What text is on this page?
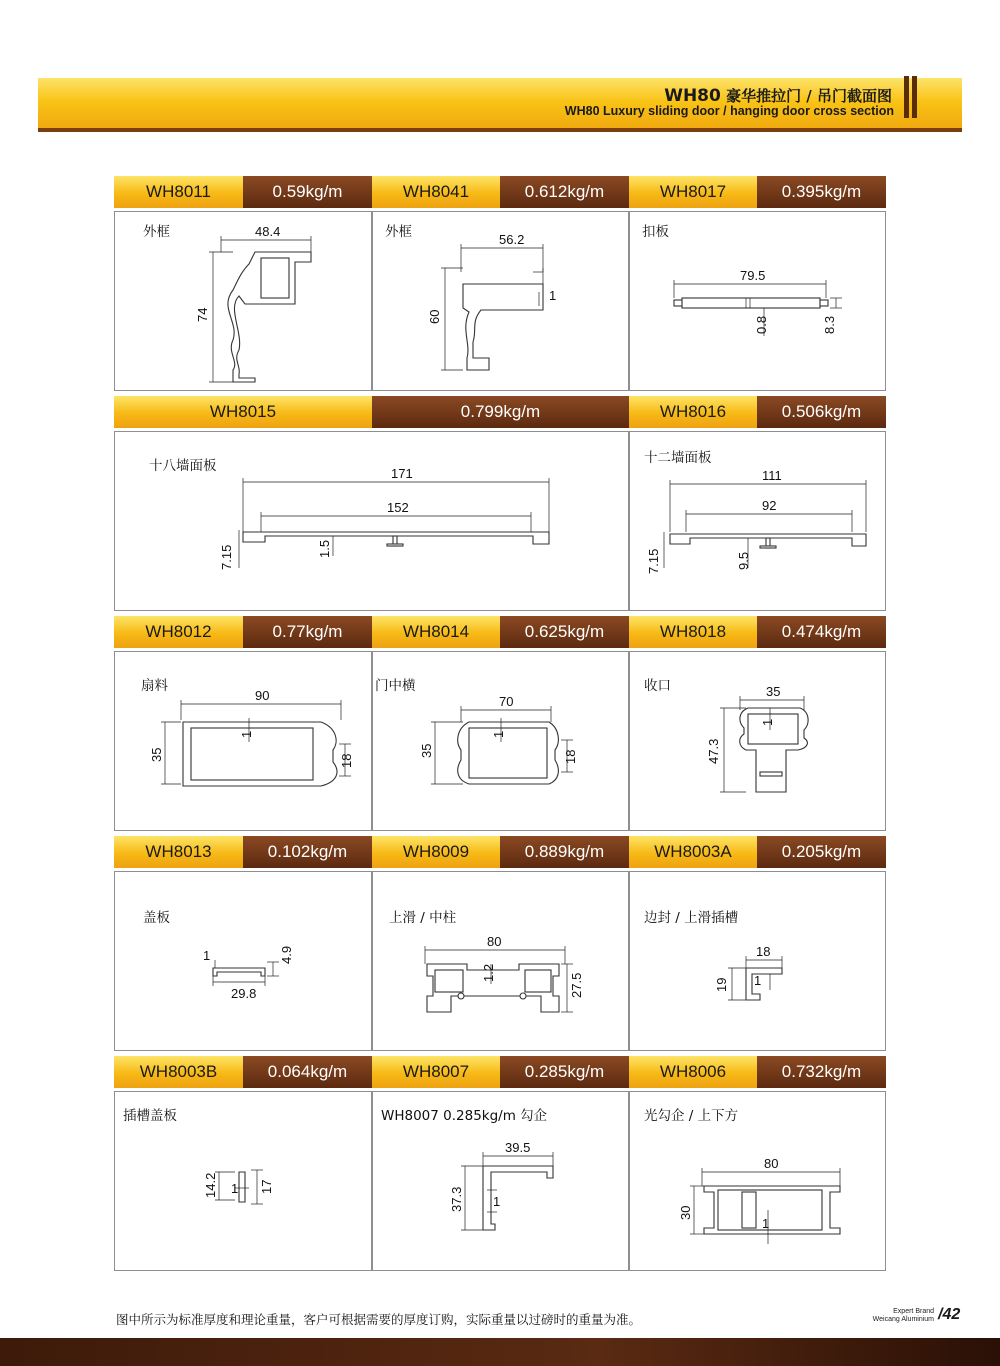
WH80 豪华推拉门 / 吊门截面图
WH80 Luxury sliding door / hanging door cross section
WH8011	0.59kg/m	WH8041	0.612kg/m	WH8017	0.395kg/m
外框	48.4
74
外框	56.2
60
1
扣板
79.5
0.8	8.3
WH8015	0.799kg/m	WH8016	0.506kg/m
十八墙面板	171
152
7.15	1.5
十二墙面板
111
92
7.15	9.5
WH8012	0.77kg/m	WH8014	0.625kg/m	WH8018	0.474kg/m
扇料
90
35
1
18
门中横
70
35
1
18
收口	35
47.3
1
WH8013	0.102kg/m	WH8009	0.889kg/m	WH8003A	0.205kg/m
盖板
1	4.9
29.8
上滑 / 中柱
80
1.2	27.5
边封 / 上滑插槽
18
19 1
WH8003B	0.064kg/m	WH8007	0.285kg/m	WH8006	0.732kg/m
插槽盖板
14.2 1 17
WH8007 0.285kg/m 勾企
39.5
37.3 1
光勾企 / 上下方
80
30
1
图中所示为标准厚度和理论重量，客户可根据需要的厚度订购，实际重量以过磅时的重量为准。
Expert Brand
Weicang Aluminium /42
